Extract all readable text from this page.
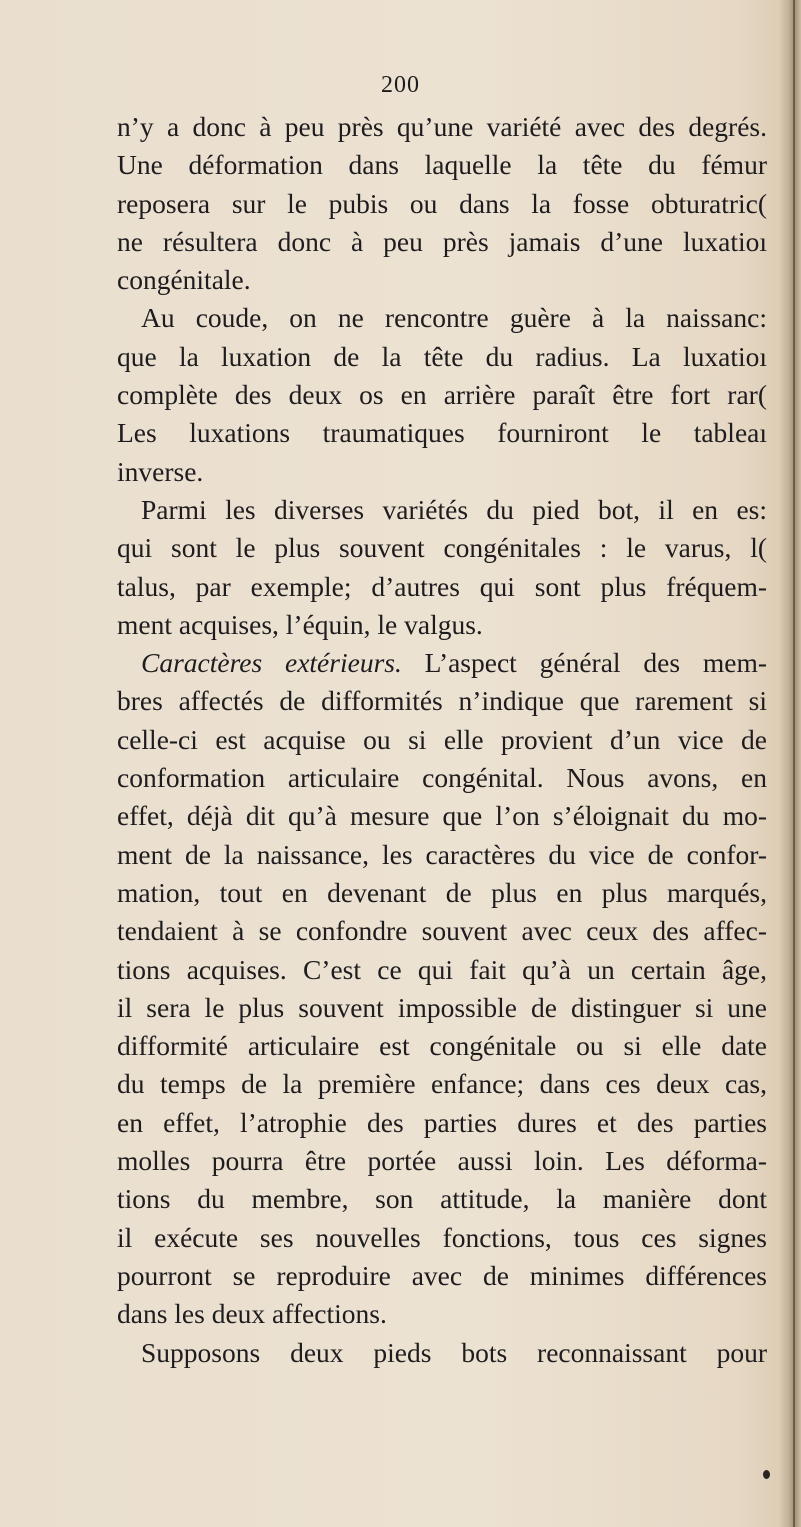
200
n’y a donc à peu près qu’une variété avec des degrés.
Une déformation dans laquelle la tête du fémur
reposera sur le pubis ou dans la fosse obturatric(
ne résultera donc à peu près jamais d’une luxatioı
congénitale.
Au coude, on ne rencontre guère à la naissanc:
que la luxation de la tête du radius. La luxatioı
complète des deux os en arrière paraît être fort rar(
Les luxations traumatiques fourniront le tableaı
inverse.
Parmi les diverses variétés du pied bot, il en es:
qui sont le plus souvent congénitales : le varus, l(
talus, par exemple; d’autres qui sont plus fréquem-
ment acquises, l’équin, le valgus.
Caractères extérieurs. L’aspect général des mem-
bres affectés de difformités n’indique que rarement si
celle-ci est acquise ou si elle provient d’un vice de
conformation articulaire congénital. Nous avons, en
effet, déjà dit qu’à mesure que l’on s’éloignait du mo-
ment de la naissance, les caractères du vice de confor-
mation, tout en devenant de plus en plus marqués,
tendaient à se confondre souvent avec ceux des affec-
tions acquises. C’est ce qui fait qu’à un certain âge,
il sera le plus souvent impossible de distinguer si une
difformité articulaire est congénitale ou si elle date
du temps de la première enfance; dans ces deux cas,
en effet, l’atrophie des parties dures et des parties
molles pourra être portée aussi loin. Les déforma-
tions du membre, son attitude, la manière dont
il exécute ses nouvelles fonctions, tous ces signes
pourront se reproduire avec de minimes différences
dans les deux affections.
Supposons deux pieds bots reconnaissant pour
